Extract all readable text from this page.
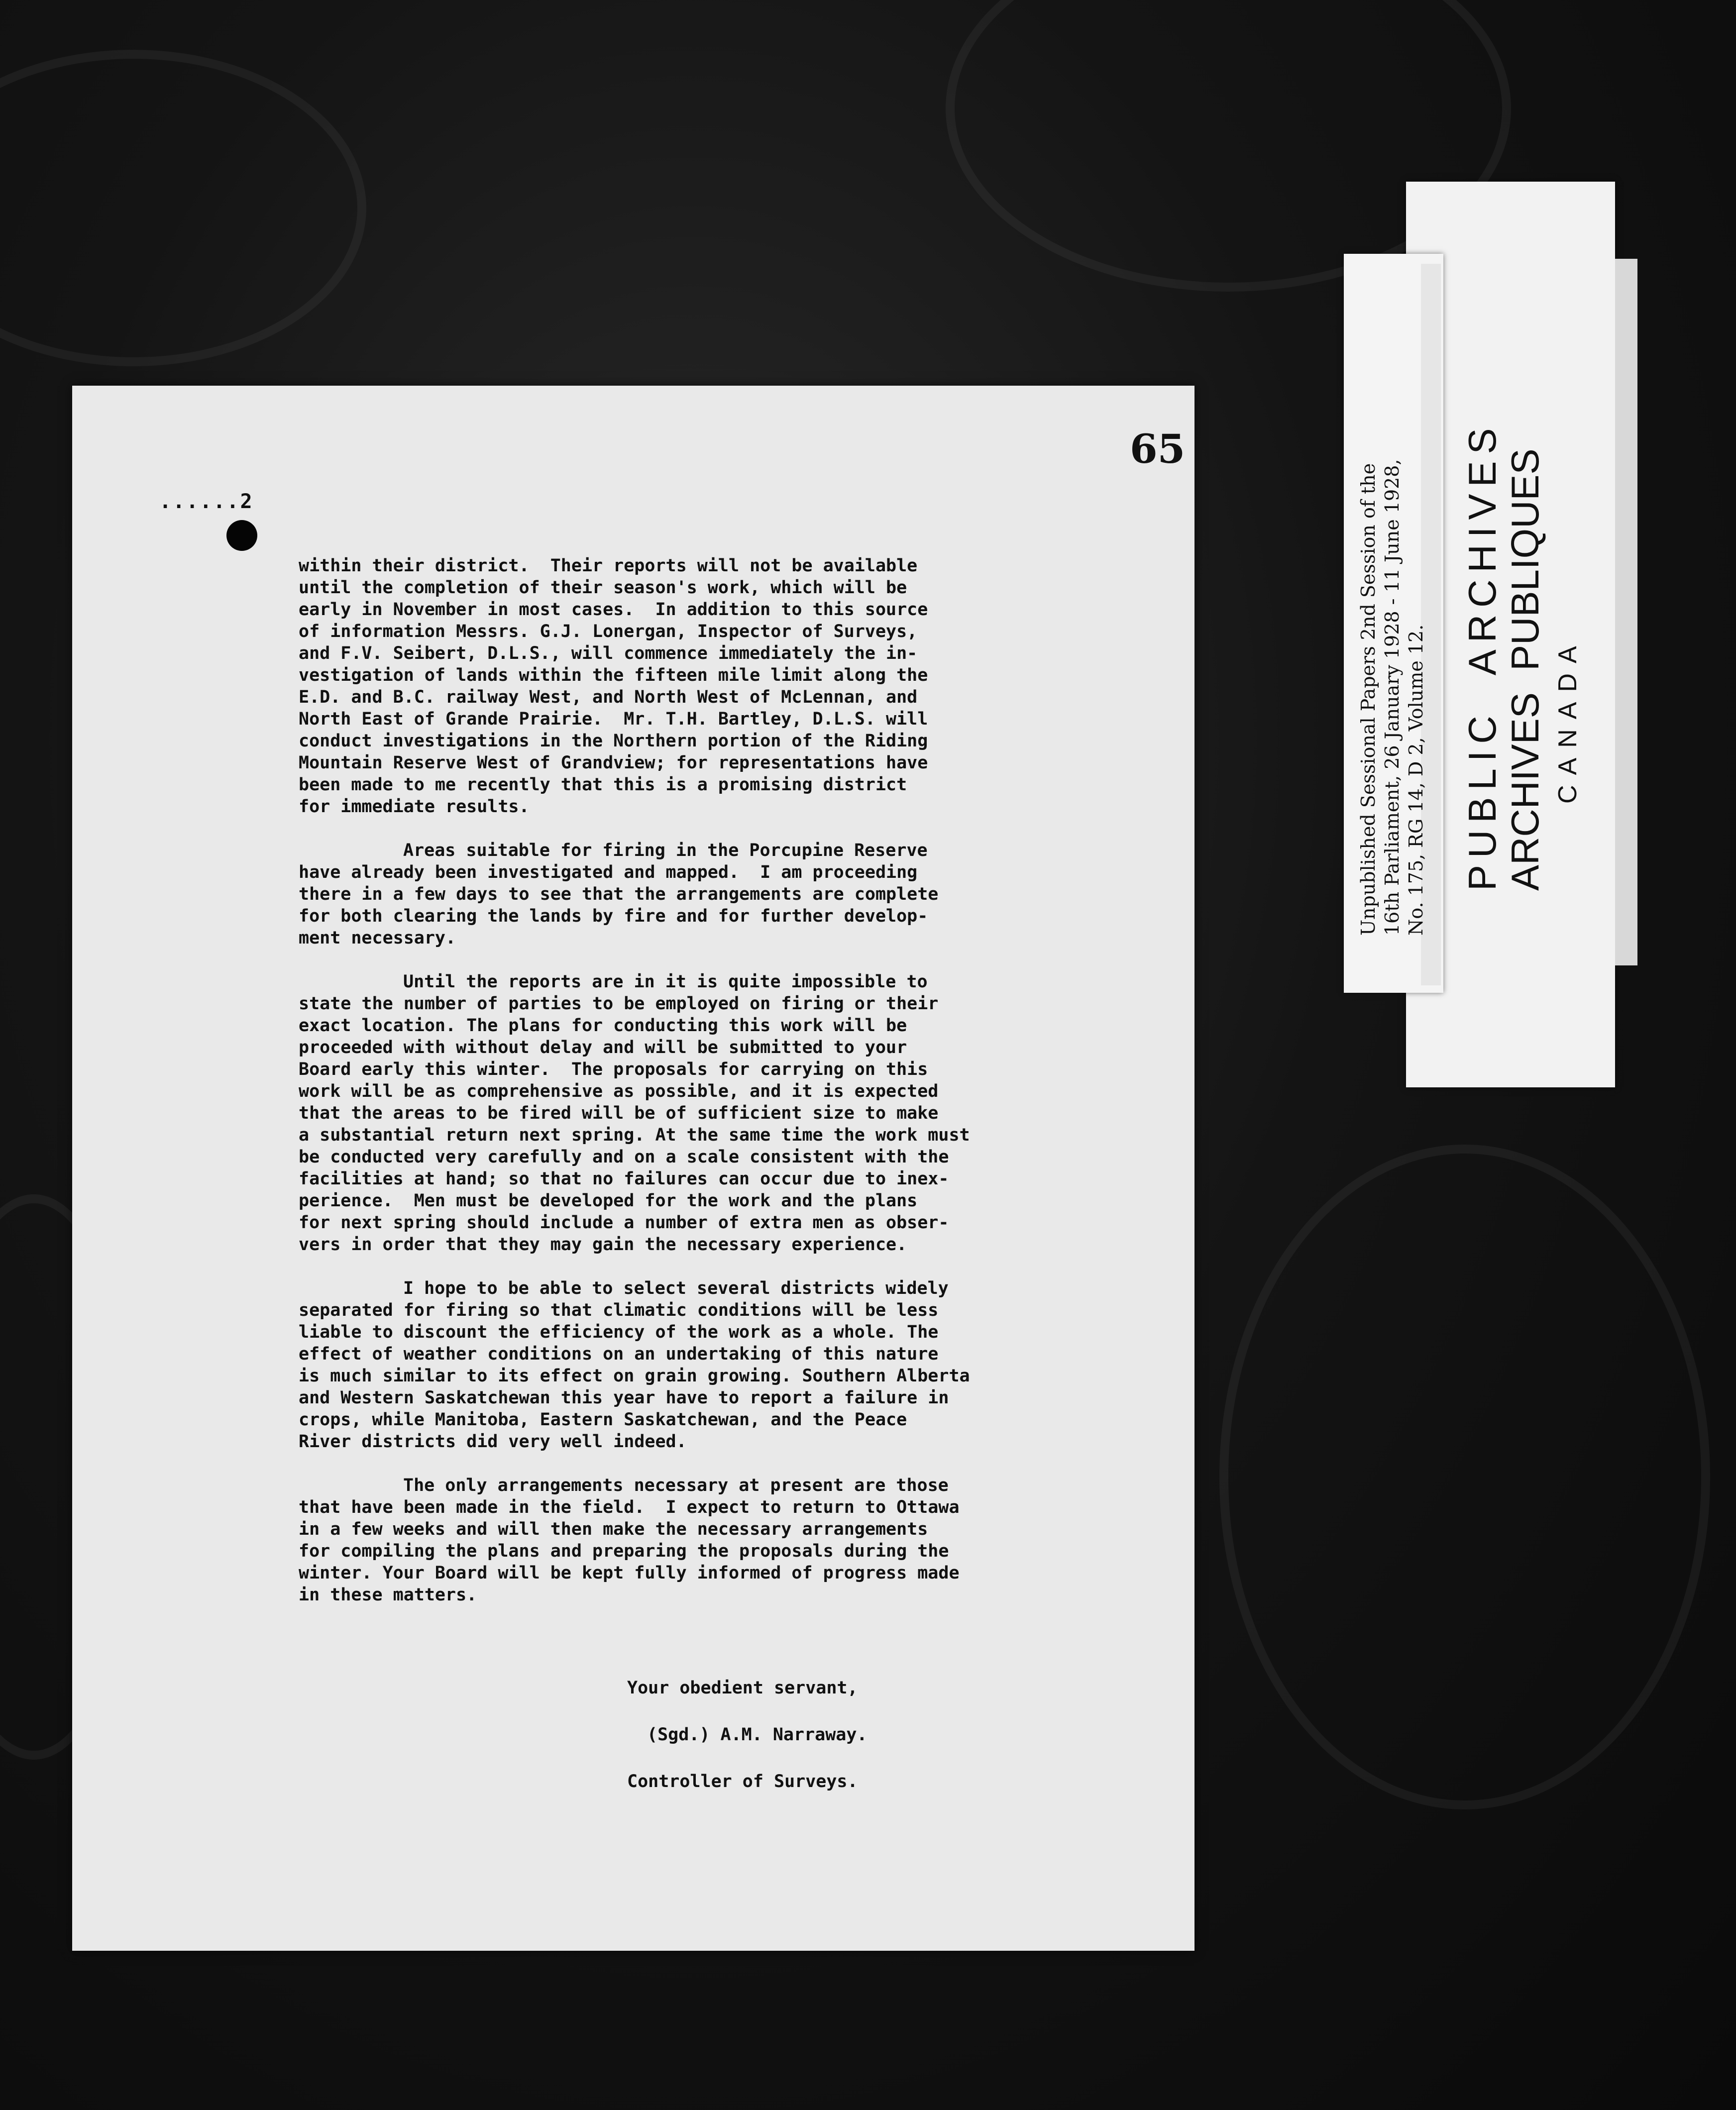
65
......2
within their district.  Their reports will not be available
until the completion of their season's work, which will be
early in November in most cases.  In addition to this source
of information Messrs. G.J. Lonergan, Inspector of Surveys,
and F.V. Seibert, D.L.S., will commence immediately the in-
vestigation of lands within the fifteen mile limit along the
E.D. and B.C. railway West, and North West of McLennan, and
North East of Grande Prairie.  Mr. T.H. Bartley, D.L.S. will
conduct investigations in the Northern portion of the Riding
Mountain Reserve West of Grandview; for representations have
been made to me recently that this is a promising district
for immediate results.
Areas suitable for firing in the Porcupine Reserve
have already been investigated and mapped.  I am proceeding
there in a few days to see that the arrangements are complete
for both clearing the lands by fire and for further develop-
ment necessary.
Until the reports are in it is quite impossible to
state the number of parties to be employed on firing or their
exact location. The plans for conducting this work will be
proceeded with without delay and will be submitted to your
Board early this winter.  The proposals for carrying on this
work will be as comprehensive as possible, and it is expected
that the areas to be fired will be of sufficient size to make
a substantial return next spring. At the same time the work must
be conducted very carefully and on a scale consistent with the
facilities at hand; so that no failures can occur due to inex-
perience.  Men must be developed for the work and the plans
for next spring should include a number of extra men as obser-
vers in order that they may gain the necessary experience.
I hope to be able to select several districts widely
separated for firing so that climatic conditions will be less
liable to discount the efficiency of the work as a whole. The
effect of weather conditions on an undertaking of this nature
is much similar to its effect on grain growing. Southern Alberta
and Western Saskatchewan this year have to report a failure in
crops, while Manitoba, Eastern Saskatchewan, and the Peace
River districts did very well indeed.
The only arrangements necessary at present are those
that have been made in the field.  I expect to return to Ottawa
in a few weeks and will then make the necessary arrangements
for compiling the plans and preparing the proposals during the
winter. Your Board will be kept fully informed of progress made
in these matters.
Your obedient servant,
(Sgd.) A.M. Narraway.
Controller of Surveys.
Unpublished Sessional Papers 2nd Session of the 16th Parliament, 26 January 1928 - 11 June 1928, No. 175, RG 14, D 2, Volume 12. PUBLIC  ARCHIVES
ARCHIVES  PUBLIQUES CANADA
